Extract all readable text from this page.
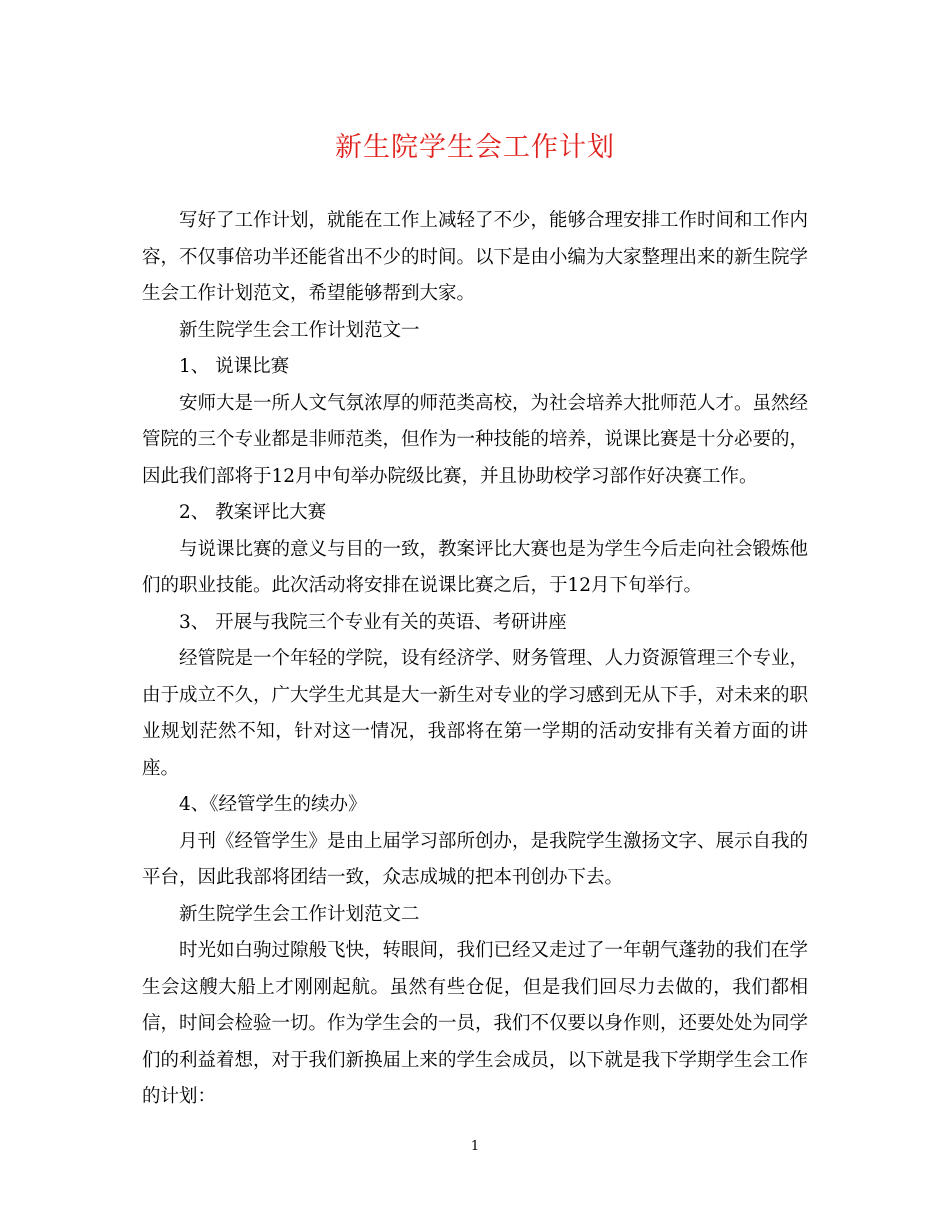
新生院学生会工作计划

写好了工作计划，就能在工作上减轻了不少，能够合理安排工作时间和工作内容，不仅事倍功半还能省出不少的时间。以下是由小编为大家整理出来的新生院学生会工作计划范文，希望能够帮到大家。

新生院学生会工作计划范文一

1、 说课比赛

安师大是一所人文气氛浓厚的师范类高校，为社会培养大批师范人才。虽然经管院的三个专业都是非师范类，但作为一种技能的培养，说课比赛是十分必要的，因此我们部将于12月中旬举办院级比赛，并且协助校学习部作好决赛工作。

2、 教案评比大赛

与说课比赛的意义与目的一致，教案评比大赛也是为学生今后走向社会锻炼他们的职业技能。此次活动将安排在说课比赛之后，于12月下旬举行。

3、 开展与我院三个专业有关的英语、考研讲座

经管院是一个年轻的学院，设有经济学、财务管理、人力资源管理三个专业，由于成立不久，广大学生尤其是大一新生对专业的学习感到无从下手，对未来的职业规划茫然不知，针对这一情况，我部将在第一学期的活动安排有关着方面的讲座。

4、《经管学生的续办》

月刊《经管学生》是由上届学习部所创办，是我院学生激扬文字、展示自我的平台，因此我部将团结一致，众志成城的把本刊创办下去。

新生院学生会工作计划范文二

时光如白驹过隙般飞快，转眼间，我们已经又走过了一年朝气蓬勃的我们在学生会这艘大船上才刚刚起航。虽然有些仓促，但是我们回尽力去做的，我们都相信，时间会检验一切。作为学生会的一员，我们不仅要以身作则，还要处处为同学们的利益着想，对于我们新换届上来的学生会成员，以下就是我下学期学生会工作的计划：

1
